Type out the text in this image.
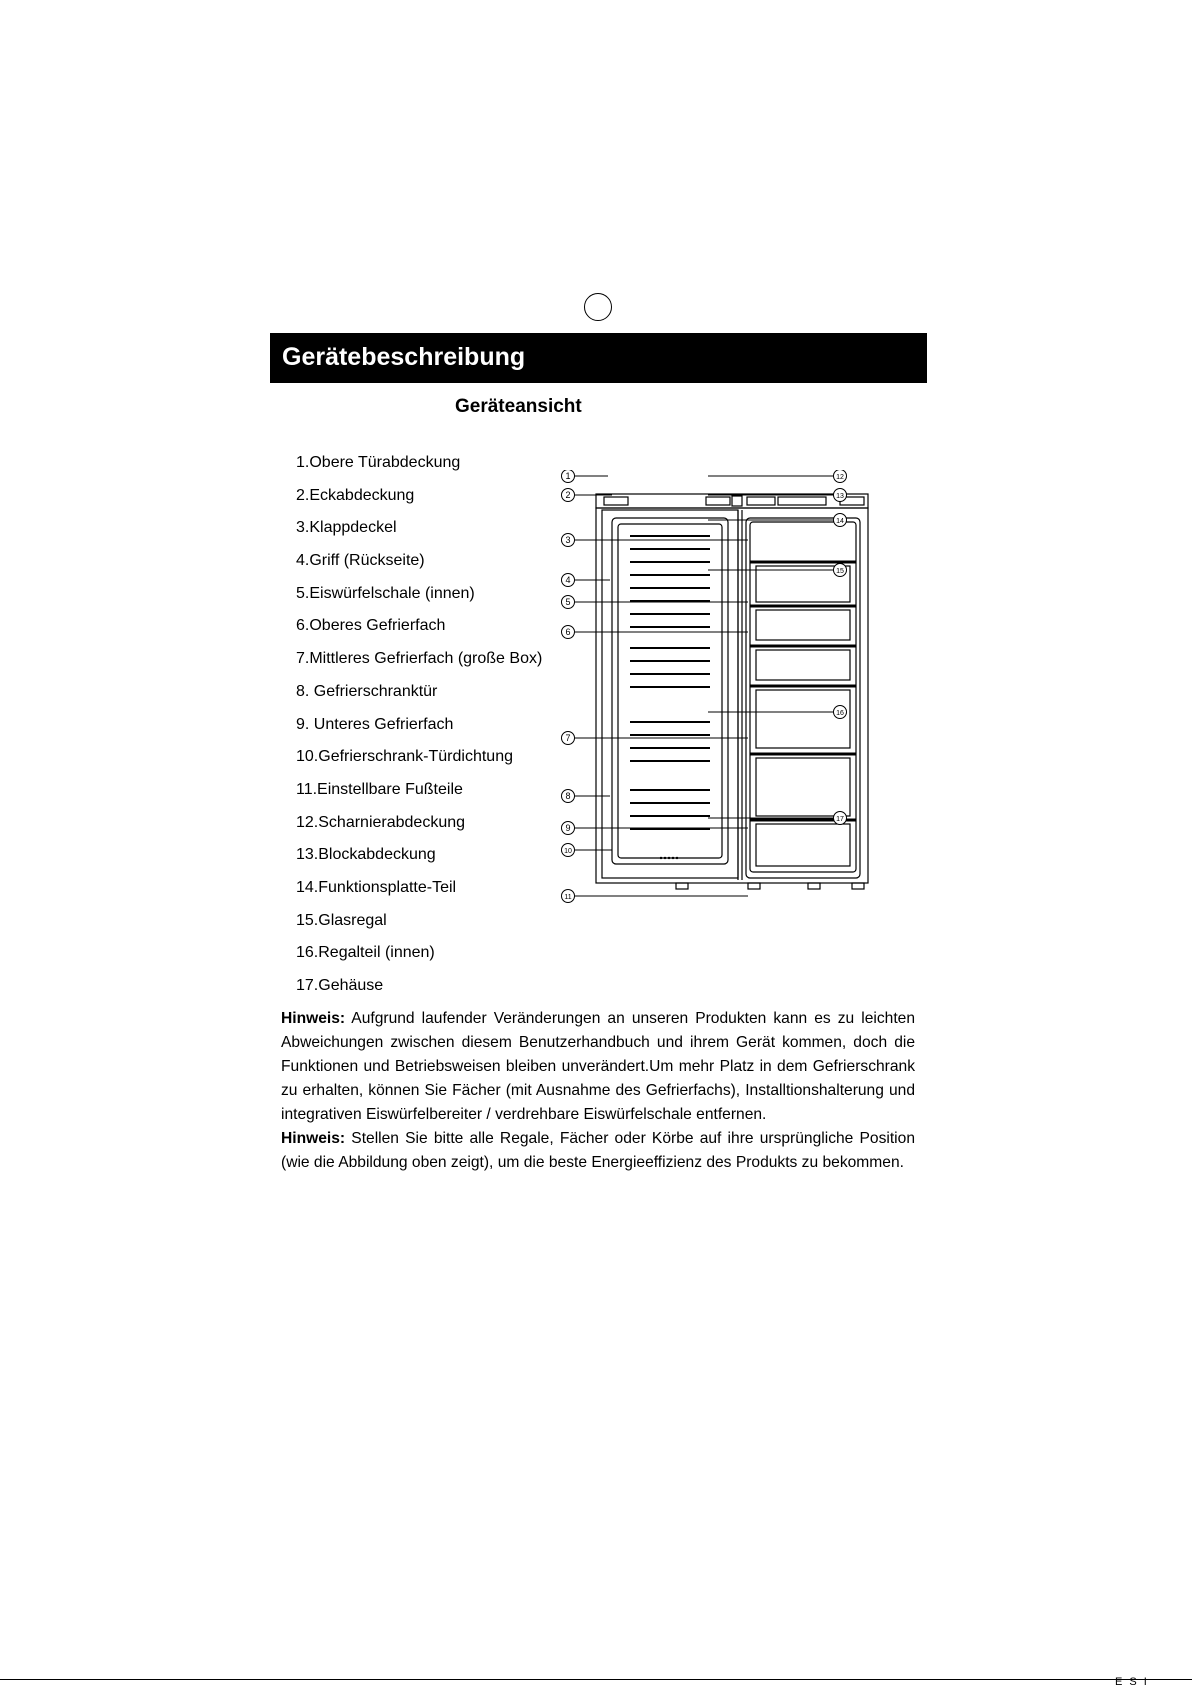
Gerätebeschreibung
Geräteansicht
1.Obere Türabdeckung
2.Eckabdeckung
3.Klappdeckel
4.Griff (Rückseite)
5.Eiswürfelschale (innen)
6.Oberes Gefrierfach
7.Mittleres Gefrierfach (große Box)
8. Gefrierschranktür
9. Unteres Gefrierfach
10.Gefrierschrank-Türdichtung
11.Einstellbare Fußteile
12.Scharnierabdeckung
13.Blockabdeckung
14.Funktionsplatte-Teil
15.Glasregal
16.Regalteil (innen)
17.Gehäuse
1
2
3
4
5
6
7
8
9
10
11
12
13
14
15
16
17

Hinweis: Aufgrund laufender Veränderungen an unseren Produkten kann es zu leichten Abweichungen zwischen diesem Benutzerhandbuch und ihrem Gerät kommen, doch die Funktionen und Betriebsweisen bleiben unverändert.Um mehr Platz in dem Gefrierschrank zu erhalten, können Sie Fächer (mit Ausnahme des Gefrierfachs), Installtionshalterung und integrativen Eiswürfelbereiter / verdrehbare Eiswürfelschale entfernen.

Hinweis: Stellen Sie bitte alle Regale, Fächer oder Körbe auf ihre ursprüngliche Position (wie die Abbildung oben zeigt), um die beste Energieeffizienz des Produkts zu bekommen.

E S I
